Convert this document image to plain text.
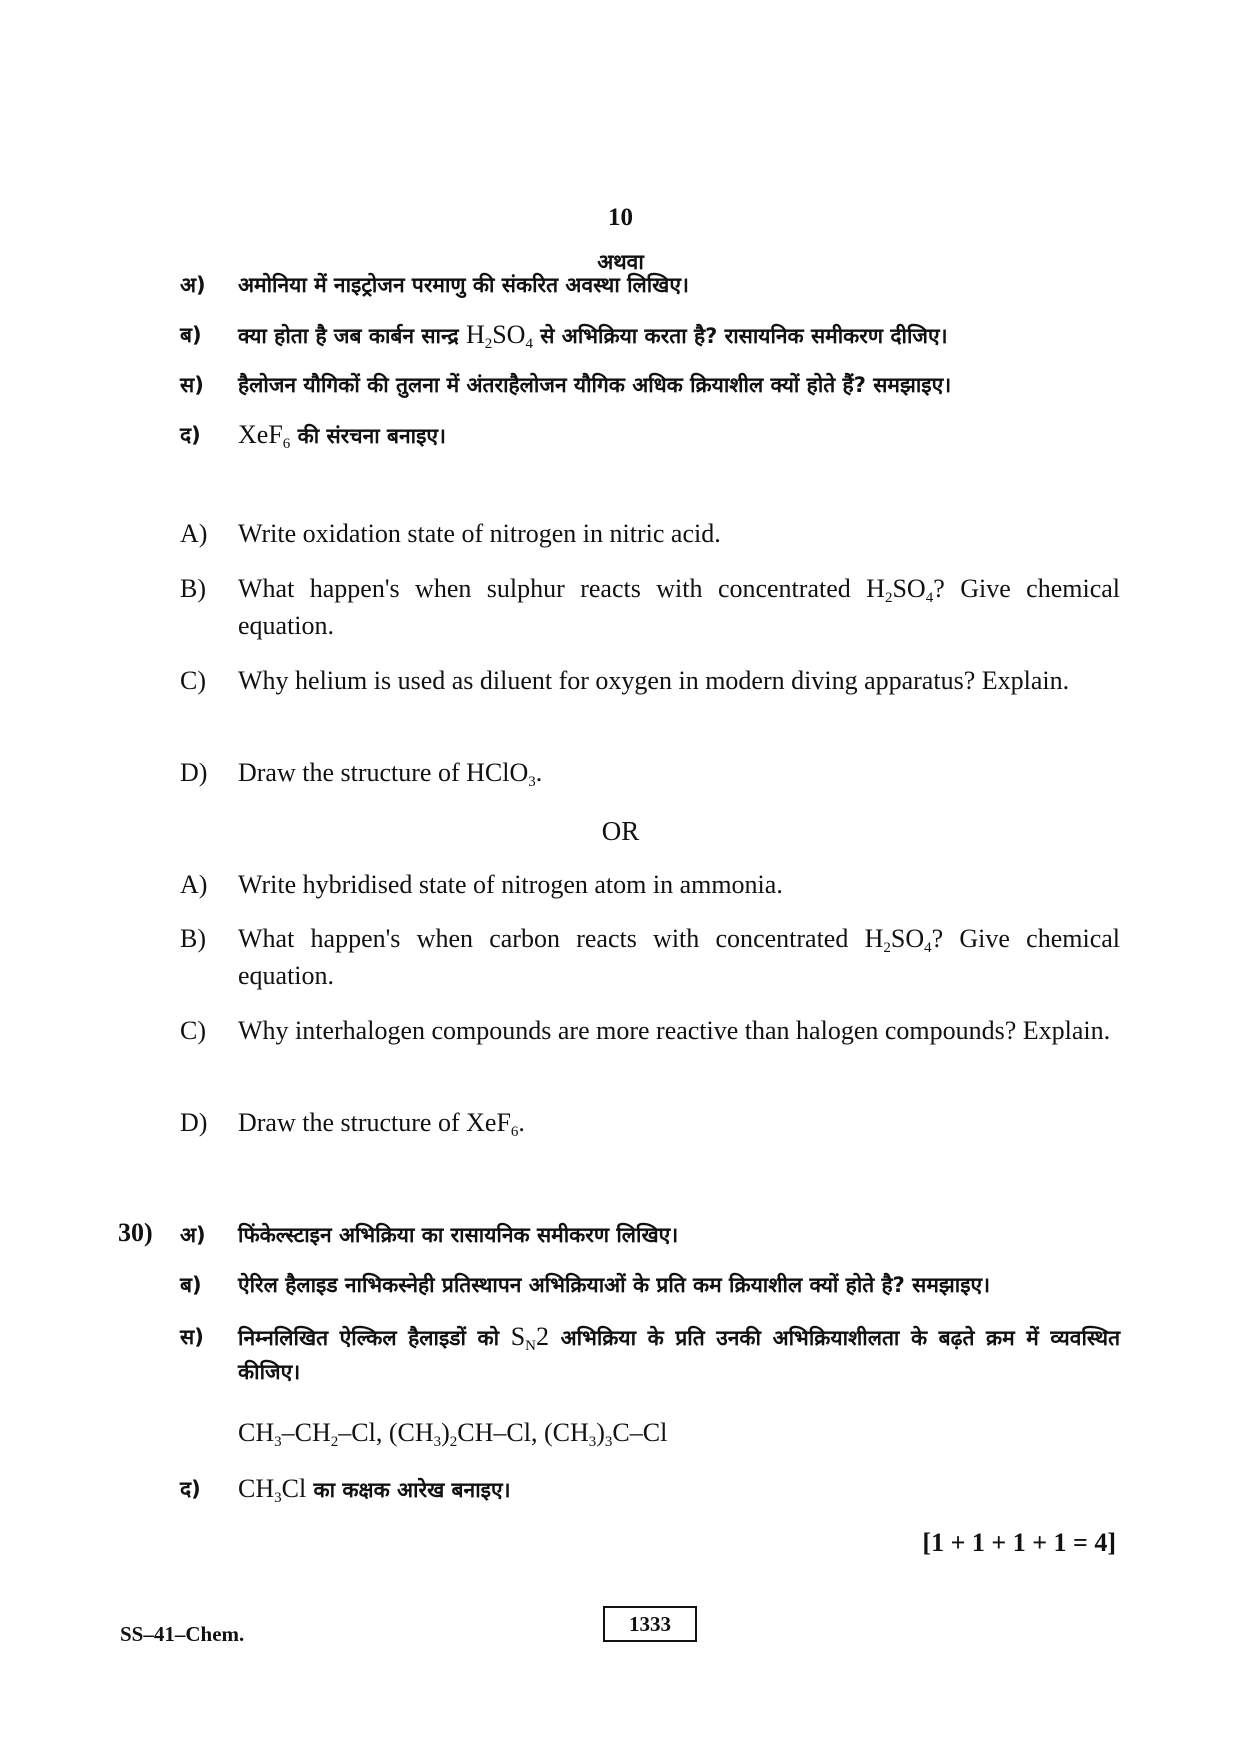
10
अथवा
अ) अमोनिया में नाइट्रोजन परमाणु की संकरित अवस्था लिखिए।
ब) क्या होता है जब कार्बन सान्द्र $H_2SO_4$ से अभिक्रिया करता है? रासायनिक समीकरण दीजिए।
स) हैलोजन यौगिकों की तुलना में अंतराहैलोजन यौगिक अधिक क्रियाशील क्यों होते हैं? समझाइए।
द) XeF$_6$ की संरचना बनाइए।
A) Write oxidation state of nitrogen in nitric acid.
B) What happen's when sulphur reacts with concentrated $H_2SO_4$? Give chemical equation.
C) Why helium is used as diluent for oxygen in modern diving apparatus? Explain.
D) Draw the structure of HClO$_3$.
OR
A) Write hybridised state of nitrogen atom in ammonia.
B) What happen's when carbon reacts with concentrated $H_2SO_4$? Give chemical equation.
C) Why interhalogen compounds are more reactive than halogen compounds? Explain.
D) Draw the structure of XeF$_6$.
30) अ) फिंकेल्स्टाइन अभिक्रिया का रासायनिक समीकरण लिखिए।
ब) ऐरिल हैलाइड नाभिकस्नेही प्रतिस्थापन अभिक्रियाओं के प्रति कम क्रियाशील क्यों होते है? समझाइए।
स) निम्नलिखित ऐल्किल हैलाइडों को $S_N2$ अभिक्रिया के प्रति उनकी अभिक्रियाशीलता के बढ़ते क्रम में व्यवस्थित कीजिए।
$CH_3-CH_2-Cl$, $(CH_3)_2CH-Cl$, $(CH_3)_3C-Cl$
द) $CH_3Cl$ का कक्षक आरेख बनाइए।
[1 + 1 + 1 + 1 = 4]
SS–41–Chem.	1333
